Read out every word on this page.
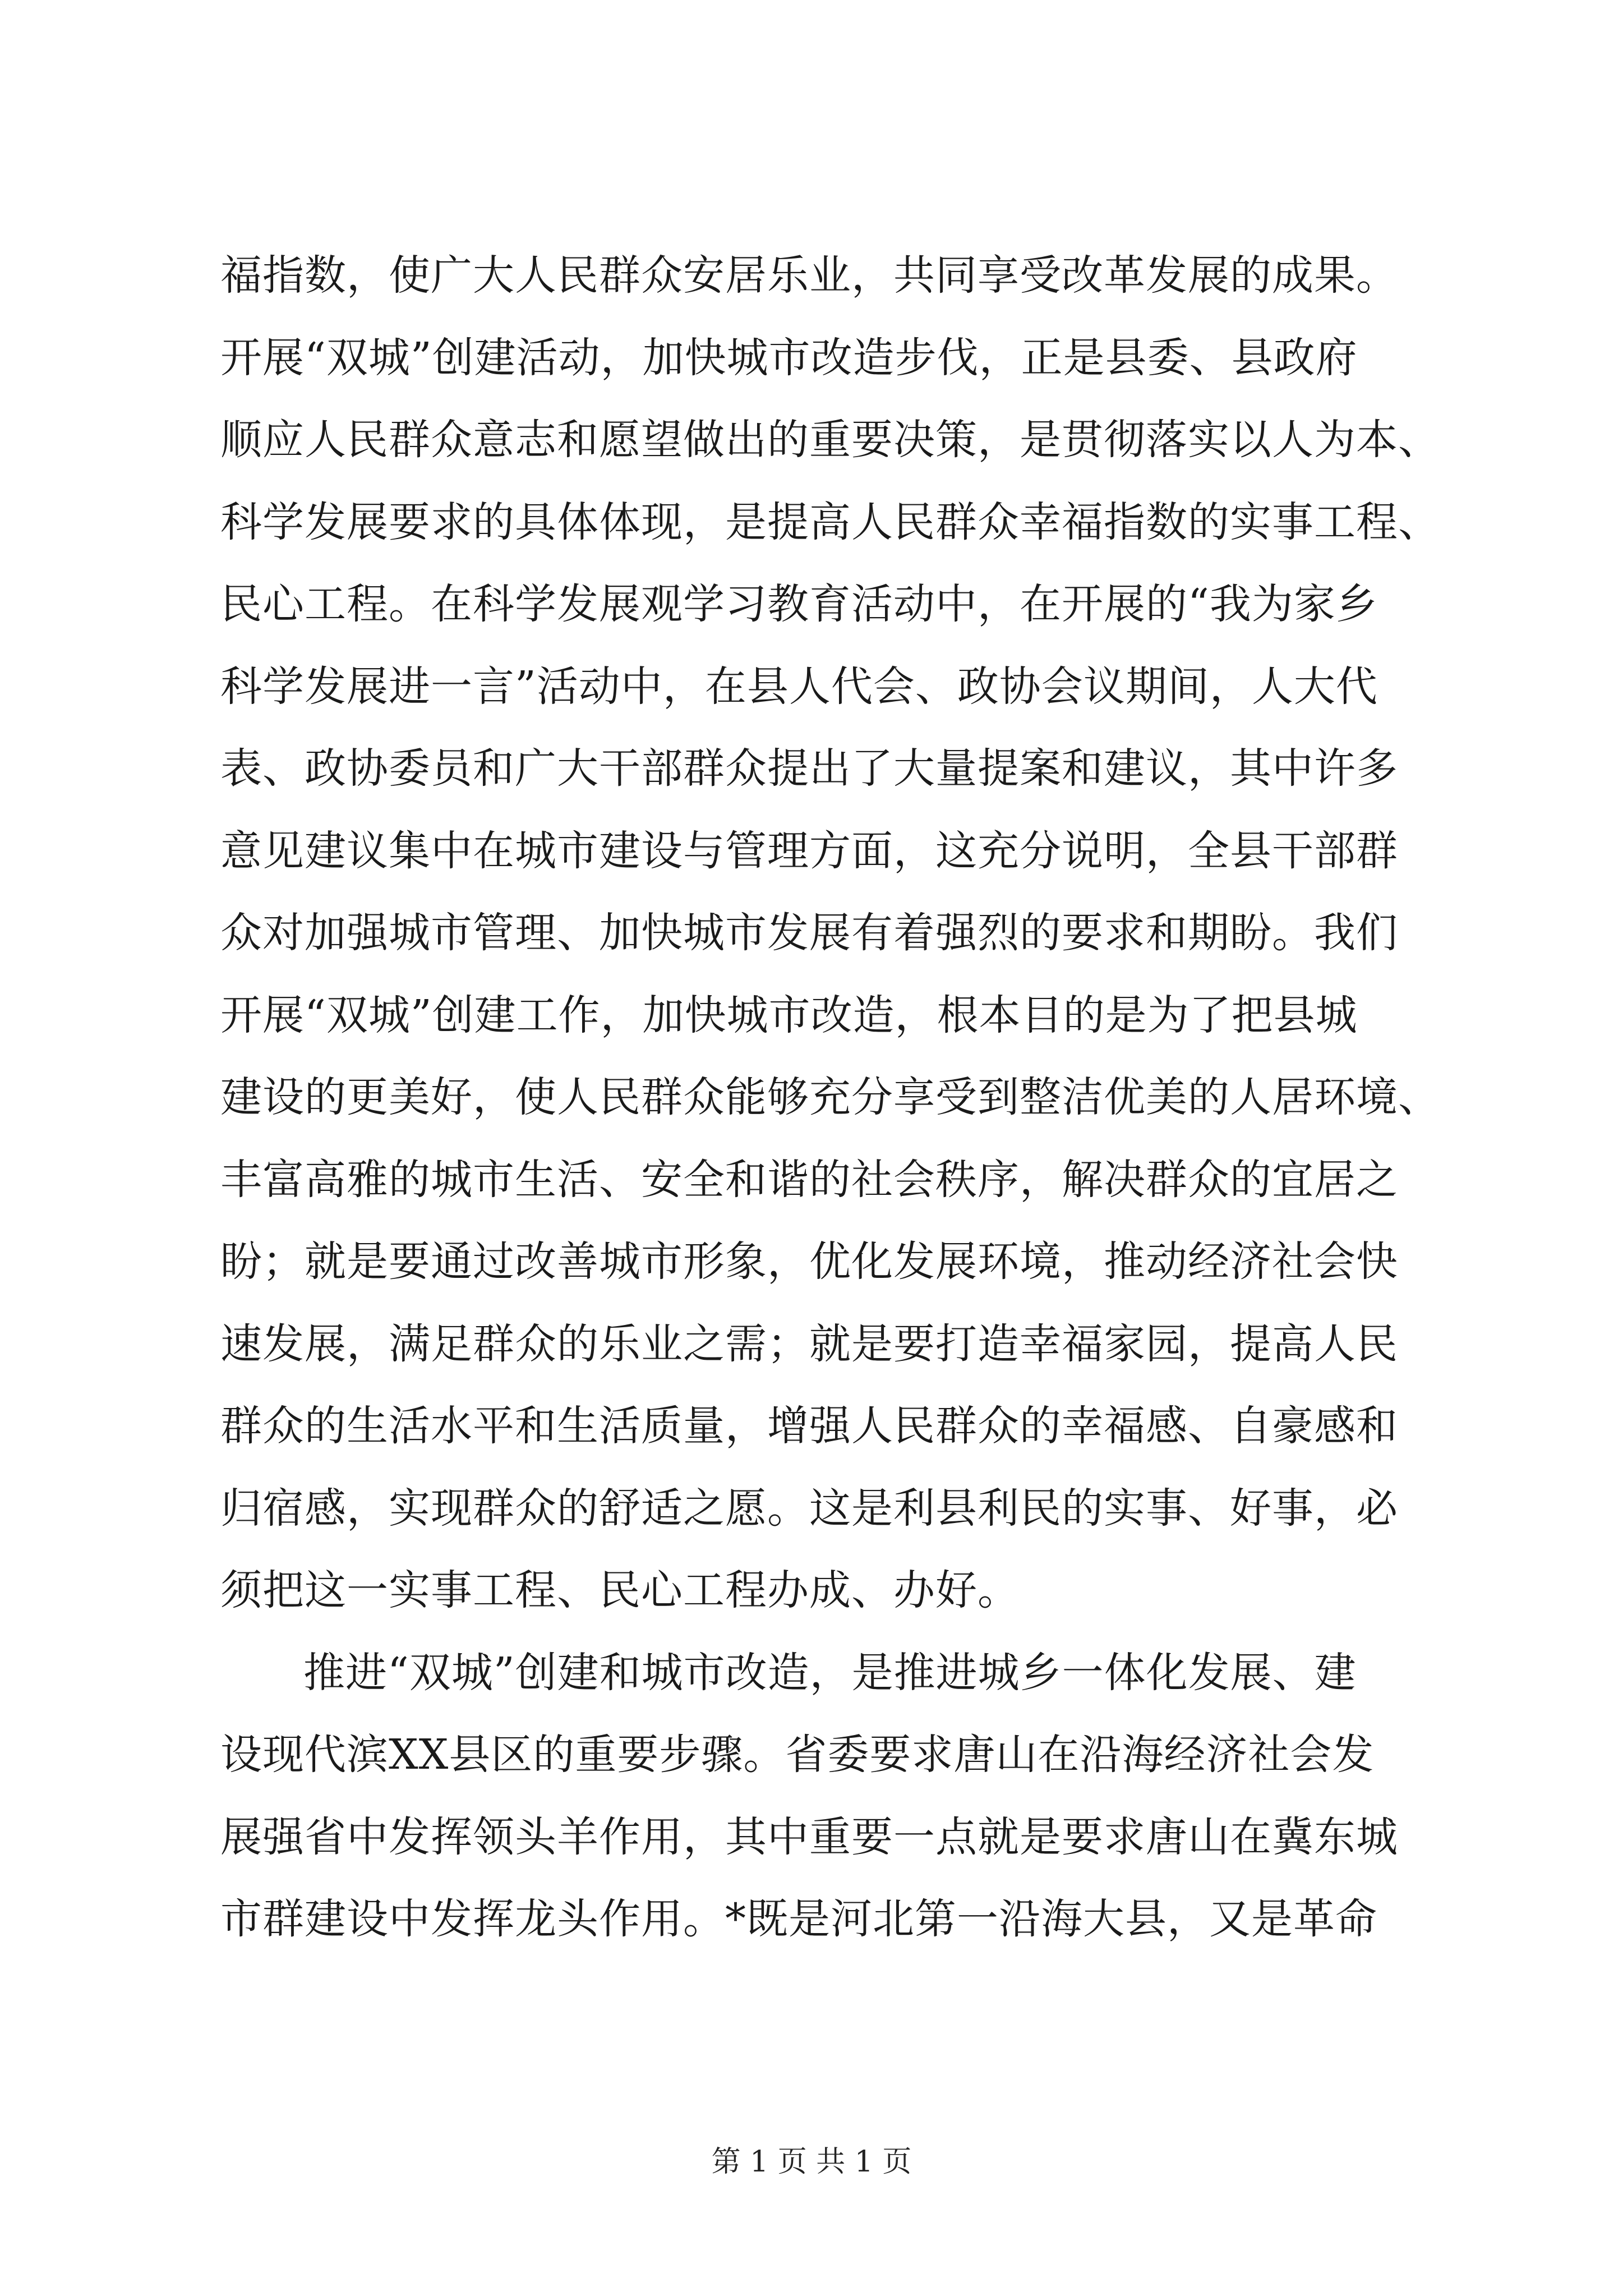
福指数，使广大人民群众安居乐业，共同享受改革发展的成果。
开展“双城”创建活动，加快城市改造步伐，正是县委、县政府
顺应人民群众意志和愿望做出的重要决策，是贯彻落实以人为本、
科学发展要求的具体体现，是提高人民群众幸福指数的实事工程、
民心工程。在科学发展观学习教育活动中，在开展的“我为家乡
科学发展进一言”活动中，在县人代会、政协会议期间，人大代
表、政协委员和广大干部群众提出了大量提案和建议，其中许多
意见建议集中在城市建设与管理方面，这充分说明，全县干部群
众对加强城市管理、加快城市发展有着强烈的要求和期盼。我们
开展“双城”创建工作，加快城市改造，根本目的是为了把县城
建设的更美好，使人民群众能够充分享受到整洁优美的人居环境、
丰富高雅的城市生活、安全和谐的社会秩序，解决群众的宜居之
盼；就是要通过改善城市形象，优化发展环境，推动经济社会快
速发展，满足群众的乐业之需；就是要打造幸福家园，提高人民
群众的生活水平和生活质量，增强人民群众的幸福感、自豪感和
归宿感，实现群众的舒适之愿。这是利县利民的实事、好事，必
须把这一实事工程、民心工程办成、办好。
推进“双城”创建和城市改造，是推进城乡一体化发展、建
设现代滨XX县区的重要步骤。省委要求唐山在沿海经济社会发
展强省中发挥领头羊作用，其中重要一点就是要求唐山在冀东城
市群建设中发挥龙头作用。*既是河北第一沿海大县，又是革命
第 1 页 共 1 页
